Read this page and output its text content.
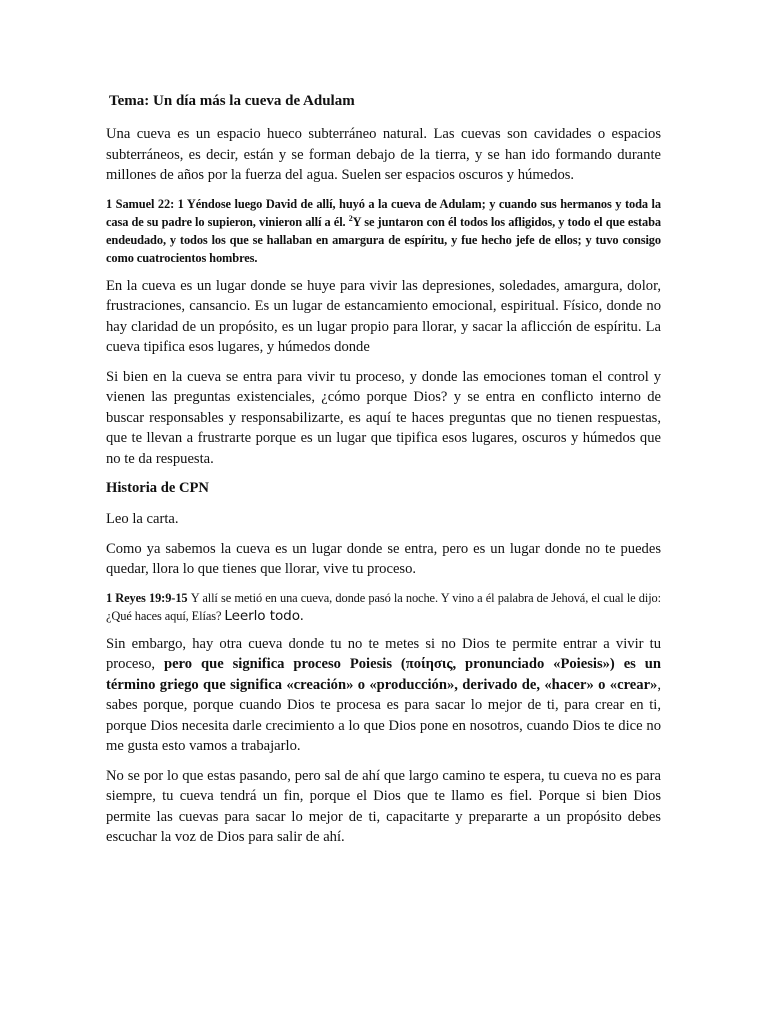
Tema: Un día más la cueva de Adulam

Una cueva es un espacio hueco subterráneo natural. Las cuevas son cavidades o espacios subterráneos, es decir, están y se forman debajo de la tierra, y se han ido formando durante millones de años por la fuerza del agua. Suelen ser espacios oscuros y húmedos.

1 Samuel 22: 1 Yéndose luego David de allí, huyó a la cueva de Adulam; y cuando sus hermanos y toda la casa de su padre lo supieron, vinieron allí a él. $^2$Y se juntaron con él todos los afligidos, y todo el que estaba endeudado, y todos los que se hallaban en amargura de espíritu, y fue hecho jefe de ellos; y tuvo consigo como cuatrocientos hombres.

En la cueva es un lugar donde se huye para vivir las depresiones, soledades, amargura, dolor, frustraciones, cansancio. Es un lugar de estancamiento emocional, espiritual. Físico, donde no hay claridad de un propósito, es un lugar propio para llorar, y sacar la aflicción de espíritu. La cueva tipifica esos lugares, y húmedos donde

Si bien en la cueva se entra para vivir tu proceso, y donde las emociones toman el control y vienen las preguntas existenciales, ¿cómo porque Dios? y se entra en conflicto interno de buscar responsables y responsabilizarte, es aquí te haces preguntas que no tienen respuestas, que te llevan a frustrarte porque es un lugar que tipifica esos lugares, oscuros y húmedos que no te da respuesta.

Historia de CPN

Leo la carta.

Como ya sabemos la cueva es un lugar donde se entra, pero es un lugar donde no te puedes quedar, llora lo que tienes que llorar, vive tu proceso.

1 Reyes 19:9-15 Y allí se metió en una cueva, donde pasó la noche. Y vino a él palabra de Jehová, el cual le dijo: ¿Qué haces aquí, Elías? Leerlo todo.

Sin embargo, hay otra cueva donde tu no te metes si no Dios te permite entrar a vivir tu proceso, pero que significa proceso Poiesis (ποίησις, pronunciado «Poiesis») es un término griego que significa «creación» o «producción», derivado de, «hacer» o «crear», sabes porque, porque cuando Dios te procesa es para sacar lo mejor de ti, para crear en ti, porque Dios necesita darle crecimiento a lo que Dios pone en nosotros, cuando Dios te dice no me gusta esto vamos a trabajarlo.

No se por lo que estas pasando, pero sal de ahí que largo camino te espera, tu cueva no es para siempre, tu cueva tendrá un fin, porque el Dios que te llamo es fiel. Porque si bien Dios permite las cuevas para sacar lo mejor de ti, capacitarte y prepararte a un propósito debes escuchar la voz de Dios para salir de ahí.
